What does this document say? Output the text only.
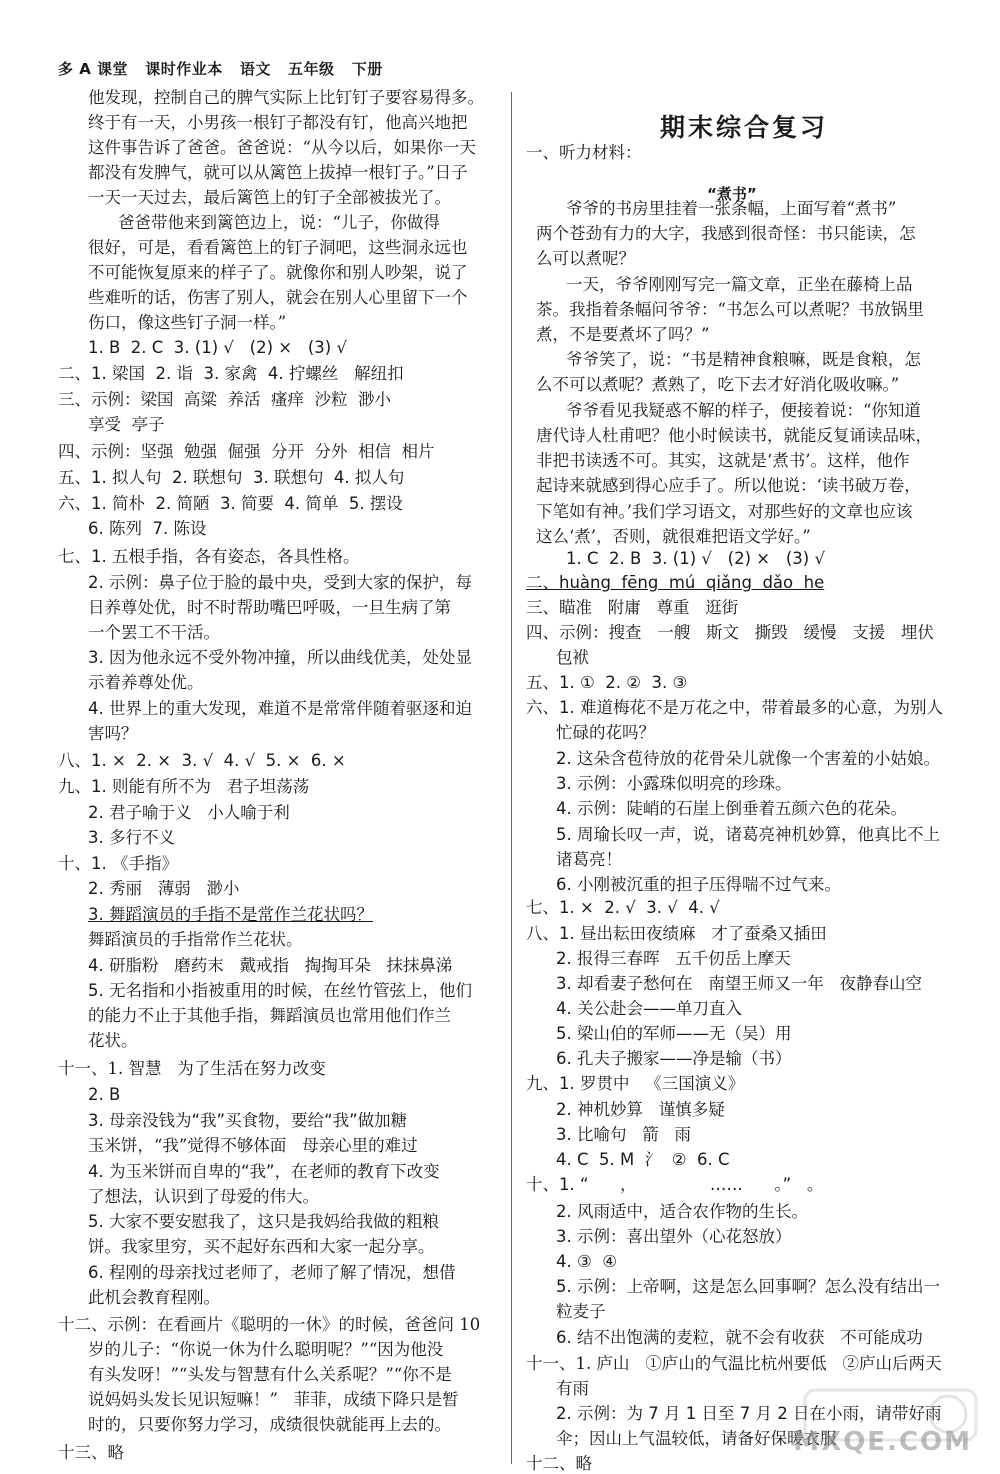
多 A 课堂   课时作业本   语文   五年级   下册
他发现，控制自己的脾气实际上比钉钉子要容易得多。
终于有一天，小男孩一根钉子都没有钉，他高兴地把
这件事告诉了爸爸。爸爸说：“从今以后，如果你一天
都没有发脾气，就可以从篱笆上拔掉一根钉子。”日子
一天一天过去，最后篱笆上的钉子全部被拔光了。
爸爸带他来到篱笆边上，说：“儿子，你做得
很好，可是，看看篱笆上的钉子洞吧，这些洞永远也
不可能恢复原来的样子了。就像你和别人吵架，说了
些难听的话，伤害了别人，就会在别人心里留下一个
伤口，像这些钉子洞一样。”
1. B  2. C  3. (1) √   (2) ×   (3) √
二、1. 梁国  2. 诣  3. 家禽  4. 拧螺丝   解纽扣
三、示例：梁国  高粱  养活  瘙痒  沙粒  渺小
享受  亭子
四、示例：坚强  勉强  倔强  分开  分外  相信  相片
五、1. 拟人句  2. 联想句  3. 联想句  4. 拟人句
六、1. 简朴  2. 简陋  3. 简要  4. 简单  5. 摆设
6. 陈列  7. 陈设
七、1. 五根手指，各有姿态，各具性格。
2. 示例：鼻子位于脸的最中央，受到大家的保护，每
日养尊处优，时不时帮助嘴巴呼吸，一旦生病了第
一个罢工不干活。
3. 因为他永远不受外物冲撞，所以曲线优美，处处显
示着养尊处优。
4. 世界上的重大发现，难道不是常常伴随着驱逐和迫
害吗？
八、1. ×  2. ×  3. √  4. √  5. ×  6. ×
九、1. 则能有所不为   君子坦荡荡
2. 君子喻于义   小人喻于利
3. 多行不义
十、1. 《手指》
2. 秀丽   薄弱   渺小
3. 舞蹈演员的手指不是常作兰花状吗？
舞蹈演员的手指常作兰花状。
4. 研脂粉   磨药末   戴戒指   掏掏耳朵   抹抹鼻涕
5. 无名指和小指被重用的时候，在丝竹管弦上，他们
的能力不止于其他手指，舞蹈演员也常用他们作兰
花状。
十一、1. 智慧   为了生活在努力改变
2. B
3. 母亲没钱为“我”买食物，要给“我”做加糖
玉米饼，“我”觉得不够体面   母亲心里的难过
4. 为玉米饼而自卑的“我”，在老师的教育下改变
了想法，认识到了母爱的伟大。
5. 大家不要安慰我了，这只是我妈给我做的粗粮
饼。我家里穷，买不起好东西和大家一起分享。
6. 程刚的母亲找过老师了，老师了解了情况，想借
此机会教育程刚。
十二、示例：在看画片《聪明的一休》的时候，爸爸问 10
岁的儿子：“你说一休为什么聪明呢？”“因为他没
有头发呀！”“头发与智慧有什么关系呢？”“你不是
说妈妈头发长见识短嘛！”   菲菲，成绩下降只是暂
时的，只要你努力学习，成绩很快就能再上去的。
十三、略
期末综合复习
“煮书”
一、听力材料：
爷爷的书房里挂着一张条幅，上面写着“煮书”
两个苍劲有力的大字，我感到很奇怪：书只能读，怎
么可以煮呢？
一天，爷爷刚刚写完一篇文章，正坐在藤椅上品
茶。我指着条幅问爷爷：“书怎么可以煮呢？书放锅里
煮，不是要煮坏了吗？”
爷爷笑了，说：“书是精神食粮嘛，既是食粮，怎
么不可以煮呢？煮熟了，吃下去才好消化吸收嘛。”
爷爷看见我疑惑不解的样子，便接着说：“你知道
唐代诗人杜甫吧？他小时候读书，就能反复诵读品味，
非把书读透不可。其实，这就是‘煮书’。这样，他作
起诗来就感到得心应手了。所以他说：‘读书破万卷，
下笔如有神。’我们学习语文，对那些好的文章也应该
这么‘煮’，否则，就很难把语文学好。”
1. C  2. B  3. (1) √   (2) ×   (3) √
二、huàng  fēng  mú  qiǎng  dǎo  he
三、瞄准   附庸   尊重   逛街
四、示例：搜查   一艘   斯文   撕毁   缓慢   支援   埋伏
包袱
五、1. ①  2. ②  3. ③
六、1. 难道梅花不是万花之中，带着最多的心意，为别人
忙碌的花吗？
2. 这朵含苞待放的花骨朵儿就像一个害羞的小姑娘。
3. 示例：小露珠似明亮的珍珠。
4. 示例：陡峭的石崖上倒垂着五颜六色的花朵。
5. 周瑜长叹一声，说，诸葛亮神机妙算，他真比不上
诸葛亮！
6. 小刚被沉重的担子压得喘不过气来。
七、1. ×  2. √  3. √  4. √
八、1. 昼出耘田夜绩麻   才了蚕桑又插田
2. 报得三春晖   五千仞岳上摩天
3. 却看妻子愁何在   南望王师又一年   夜静春山空
4. 关公赴会——单刀直入
5. 梁山伯的军师——无（吴）用
6. 孔夫子搬家——净是输（书）
九、1. 罗贯中   《三国演义》
2. 神机妙算   谨慎多疑
3. 比喻句   箭   雨
4. C  5. M  氵  ②  6. C
十、1. “      ，              ……      。”   。
2. 风雨适中，适合农作物的生长。
3. 示例：喜出望外（心花怒放）
4. ③  ④
5. 示例：上帝啊，这是怎么回事啊？怎么没有结出一
粒麦子
6. 结不出饱满的麦粒，就不会有收获   不可能成功
十一、1. 庐山   ①庐山的气温比杭州要低   ②庐山后两天
有雨
2. 示例：为 7 月 1 日至 7 月 2 日在小雨，请带好雨
伞；因山上气温较低，请备好保暖衣服
十二、略
MXQE.COM
